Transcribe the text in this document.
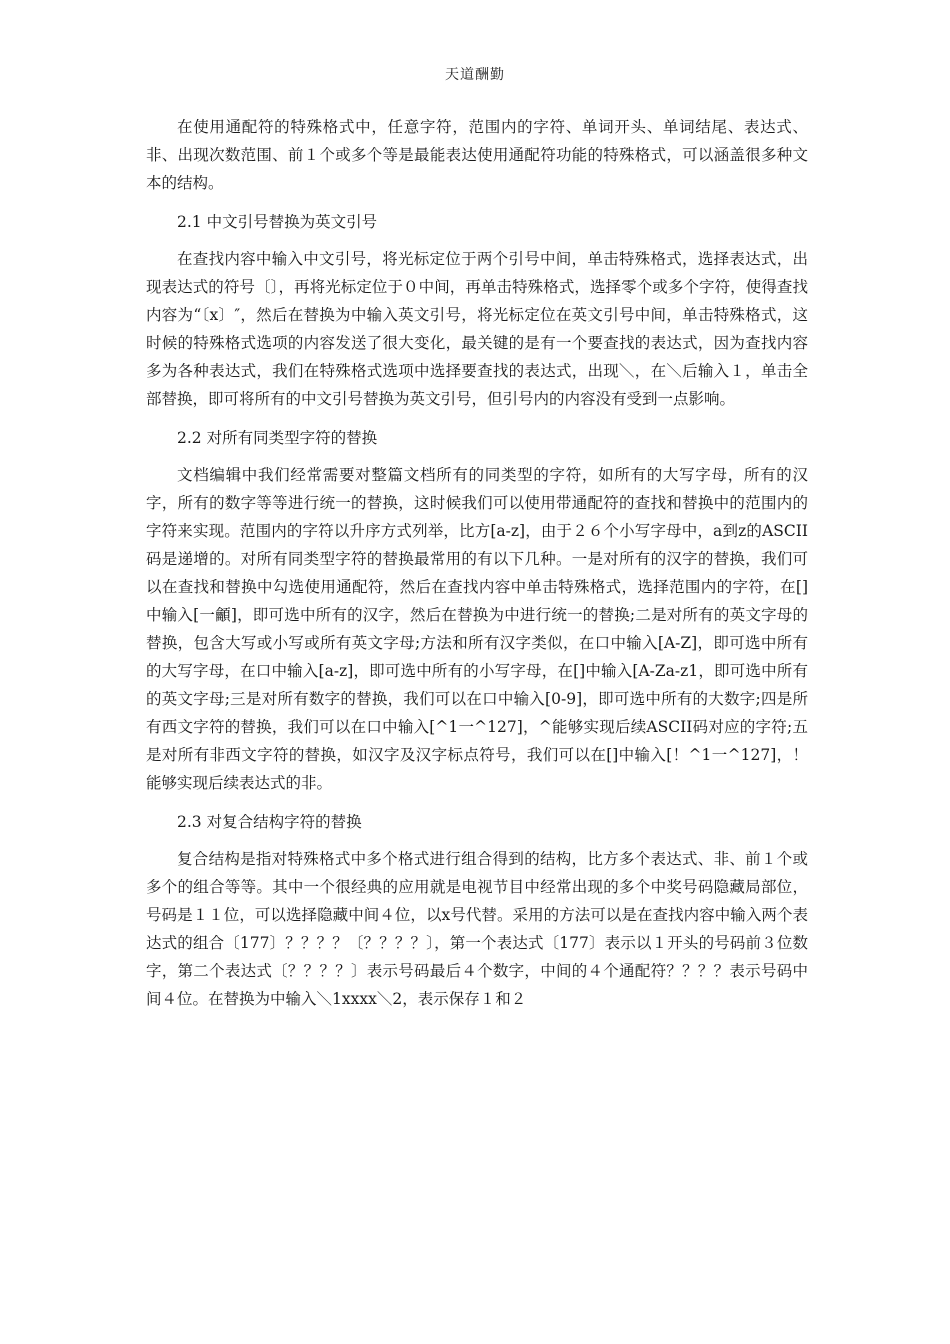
天道酬勤

在使用通配符的特殊格式中，任意字符，范围内的字符、单词开头、单词结尾、表达式、非、出现次数范围、前１个或多个等是最能表达使用通配符功能的特殊格式，可以涵盖很多种文本的结构。

2.1 中文引号替换为英文引号

在查找内容中输入中文引号，将光标定位于两个引号中间，单击特殊格式，选择表达式，出现表达式的符号〔〕，再将光标定位于０中间，再单击特殊格式，选择零个或多个字符，使得查找内容为“〔x〕″，然后在替换为中输入英文引号，将光标定位在英文引号中间，单击特殊格式，这时候的特殊格式选项的内容发送了很大变化，最关键的是有一个要查找的表达式，因为查找内容多为各种表达式，我们在特殊格式选项中选择要查找的表达式，出现＼，在＼后输入１，单击全部替换，即可将所有的中文引号替换为英文引号，但引号内的内容没有受到一点影响。

2.2 对所有同类型字符的替换

文档编辑中我们经常需要对整篇文档所有的同类型的字符，如所有的大写字母，所有的汉字，所有的数字等等进行统一的替换，这时候我们可以使用带通配符的查找和替换中的范围内的字符来实现。范围内的字符以升序方式列举，比方[a-z]，由于２６个小写字母中，a到z的ASCII码是递增的。对所有同类型字符的替换最常用的有以下几种。一是对所有的汉字的替换，我们可以在查找和替换中勾选使用通配符，然后在查找内容中单击特殊格式，选择范围内的字符，在[]中输入[一龥]，即可选中所有的汉字，然后在替换为中进行统一的替换;二是对所有的英文字母的替换，包含大写或小写或所有英文字母;方法和所有汉字类似，在口中输入[A-Z]，即可选中所有的大写字母，在口中输入[a-z]，即可选中所有的小写字母，在[]中输入[A-Za-z1，即可选中所有的英文字母;三是对所有数字的替换，我们可以在口中输入[0-9]，即可选中所有的大数字;四是所有西文字符的替换，我们可以在口中输入[^1一^127]，^能够实现后续ASCII码对应的字符;五是对所有非西文字符的替换，如汉字及汉字标点符号，我们可以在[]中输入[！^1一^127]，！能够实现后续表达式的非。

2.3 对复合结构字符的替换

复合结构是指对特殊格式中多个格式进行组合得到的结构，比方多个表达式、非、前１个或多个的组合等等。其中一个很经典的应用就是电视节目中经常出现的多个中奖号码隐藏局部位，号码是１１位，可以选择隐藏中间４位，以x号代替。采用的方法可以是在查找内容中输入两个表达式的组合〔177〕？？？？〔？？？？〕，第一个表达式〔177〕表示以１开头的号码前３位数字，第二个表达式〔？？？？〕表示号码最后４个数字，中间的４个通配符？？？？表示号码中间４位。在替换为中输入＼1xxxx＼2，表示保存１和２
